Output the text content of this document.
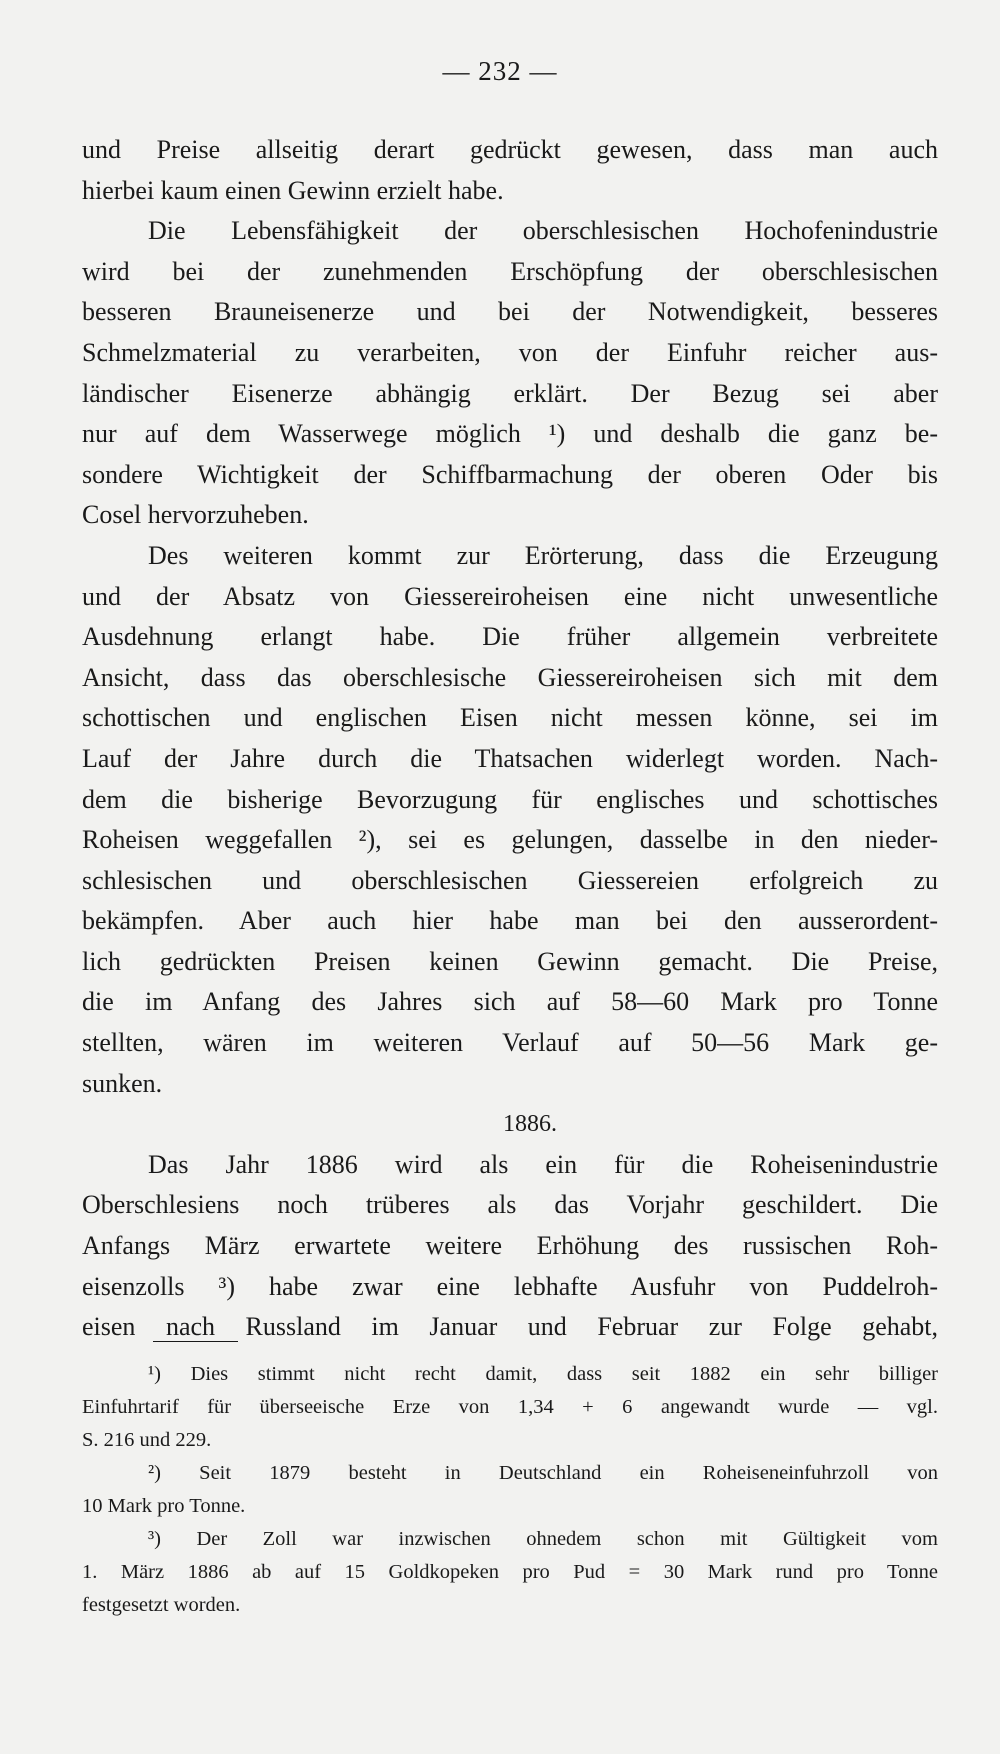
— 232 —
und Preise allseitig derart gedrückt gewesen, dass man auch
hierbei kaum einen Gewinn erzielt habe.
Die Lebensfähigkeit der oberschlesischen Hochofenindustrie
wird bei der zunehmenden Erschöpfung der oberschlesischen
besseren Brauneisenerze und bei der Notwendigkeit, besseres
Schmelzmaterial zu verarbeiten, von der Einfuhr reicher aus-
ländischer Eisenerze abhängig erklärt. Der Bezug sei aber
nur auf dem Wasserwege möglich ¹) und deshalb die ganz be-
sondere Wichtigkeit der Schiffbarmachung der oberen Oder bis
Cosel hervorzuheben.
Des weiteren kommt zur Erörterung, dass die Erzeugung
und der Absatz von Giessereiroheisen eine nicht unwesentliche
Ausdehnung erlangt habe. Die früher allgemein verbreitete
Ansicht, dass das oberschlesische Giessereiroheisen sich mit dem
schottischen und englischen Eisen nicht messen könne, sei im
Lauf der Jahre durch die Thatsachen widerlegt worden. Nach-
dem die bisherige Bevorzugung für englisches und schottisches
Roheisen weggefallen ²), sei es gelungen, dasselbe in den nieder-
schlesischen und oberschlesischen Giessereien erfolgreich zu
bekämpfen. Aber auch hier habe man bei den ausserordent-
lich gedrückten Preisen keinen Gewinn gemacht. Die Preise,
die im Anfang des Jahres sich auf 58—60 Mark pro Tonne
stellten, wären im weiteren Verlauf auf 50—56 Mark ge-
sunken.
1886.
Das Jahr 1886 wird als ein für die Roheisenindustrie
Oberschlesiens noch trüberes als das Vorjahr geschildert. Die
Anfangs März erwartete weitere Erhöhung des russischen Roh-
eisenzolls ³) habe zwar eine lebhafte Ausfuhr von Puddelroh-
eisen nach Russland im Januar und Februar zur Folge gehabt,
¹) Dies stimmt nicht recht damit, dass seit 1882 ein sehr billiger
Einfuhrtarif für überseeische Erze von 1,34 + 6 angewandt wurde — vgl.
S. 216 und 229.
²) Seit 1879 besteht in Deutschland ein Roheiseneinfuhrzoll von
10 Mark pro Tonne.
³) Der Zoll war inzwischen ohnedem schon mit Gültigkeit vom
1. März 1886 ab auf 15 Goldkopeken pro Pud = 30 Mark rund pro Tonne
festgesetzt worden.
